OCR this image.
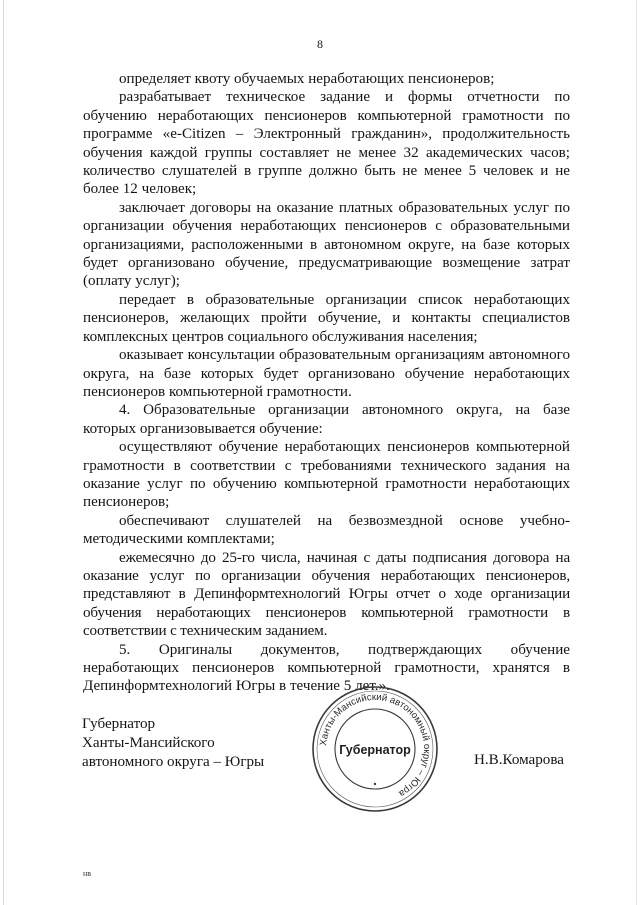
8

определяет квоту обучаемых неработающих пенсионеров;

разрабатывает техническое задание и формы отчетности по обучению неработающих пенсионеров компьютерной грамотности по программе «e-Citizen – Электронный гражданин», продолжительность обучения каждой группы составляет не менее 32 академических часов; количество слушателей в группе должно быть не менее 5 человек и не более 12 человек;

заключает договоры на оказание платных образовательных услуг по организации обучения неработающих пенсионеров с образовательными организациями, расположенными в автономном округе, на базе которых будет организовано обучение, предусматривающие возмещение затрат (оплату услуг);

передает в образовательные организации список неработающих пенсионеров, желающих пройти обучение, и контакты специалистов комплексных центров социального обслуживания населения;

оказывает консультации образовательным организациям автономного округа, на базе которых будет организовано обучение неработающих пенсионеров компьютерной грамотности.

4. Образовательные организации автономного округа, на базе которых организовывается обучение:

осуществляют обучение неработающих пенсионеров компьютерной грамотности в соответствии с требованиями технического задания на оказание услуг по обучению компьютерной грамотности неработающих пенсионеров;

обеспечивают слушателей на безвозмездной основе учебно-методическими комплектами;

ежемесячно до 25-го числа, начиная с даты подписания договора на оказание услуг по организации обучения неработающих пенсионеров, представляют в Депинформтехнологий Югры отчет о ходе организации обучения неработающих пенсионеров компьютерной грамотности в соответствии с техническим заданием.

5. Оригиналы документов, подтверждающих обучение неработающих пенсионеров компьютерной грамотности, хранятся в Депинформтехнологий Югры в течение 5 лет.».

Губернатор
Ханты-Мансийского
автономного округа – Югры
Ханты-Мансийский автономный округ – Югра
Губернатор
Н.В.Комарова
нв
